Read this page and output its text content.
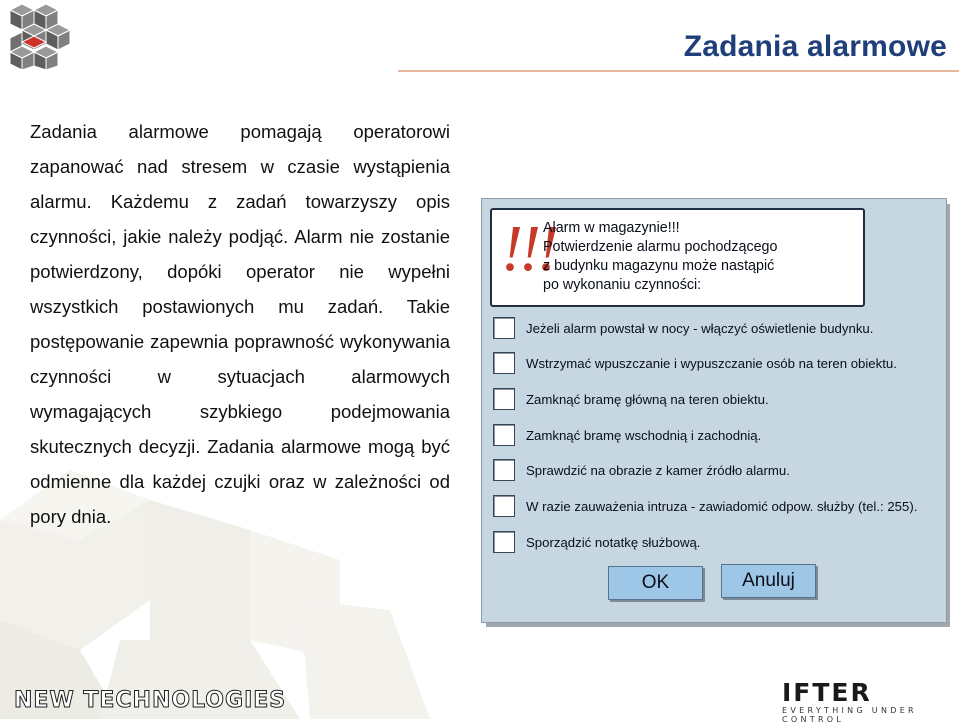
Zadania alarmowe
Zadania alarmowe pomagają operatorowi zapanować nad stresem w czasie wystąpienia alarmu. Każdemu z zadań towarzyszy opis czynności, jakie należy podjąć. Alarm nie zostanie potwierdzony, dopóki operator nie wypełni wszystkich postawionych mu zadań. Takie postępowanie zapewnia poprawność wykonywania czynności w sytuacjach alarmowych wymagających szybkiego podejmowania skutecznych decyzji. Zadania alarmowe mogą być odmienne dla każdej czujki oraz w zależności od pory dnia.
!!!
Alarm w magazynie!!!
Potwierdzenie alarmu pochodzącego
z budynku magazynu może nastąpić
po wykonaniu czynności:
Jeżeli alarm powstał w nocy - włączyć oświetlenie budynku.
Wstrzymać wpuszczanie i wypuszczanie osób na teren obiektu.
Zamknąć bramę główną na teren obiektu.
Zamknąć bramę wschodnią i zachodnią.
Sprawdzić na obrazie z kamer źródło alarmu.
W razie zauważenia intruza - zawiadomić odpow. służby (tel.: 255).
Sporządzić notatkę służbową.
OK	Anuluj
NEW TECHNOLOGIES	IFTER
EVERYTHING UNDER CONTROL
